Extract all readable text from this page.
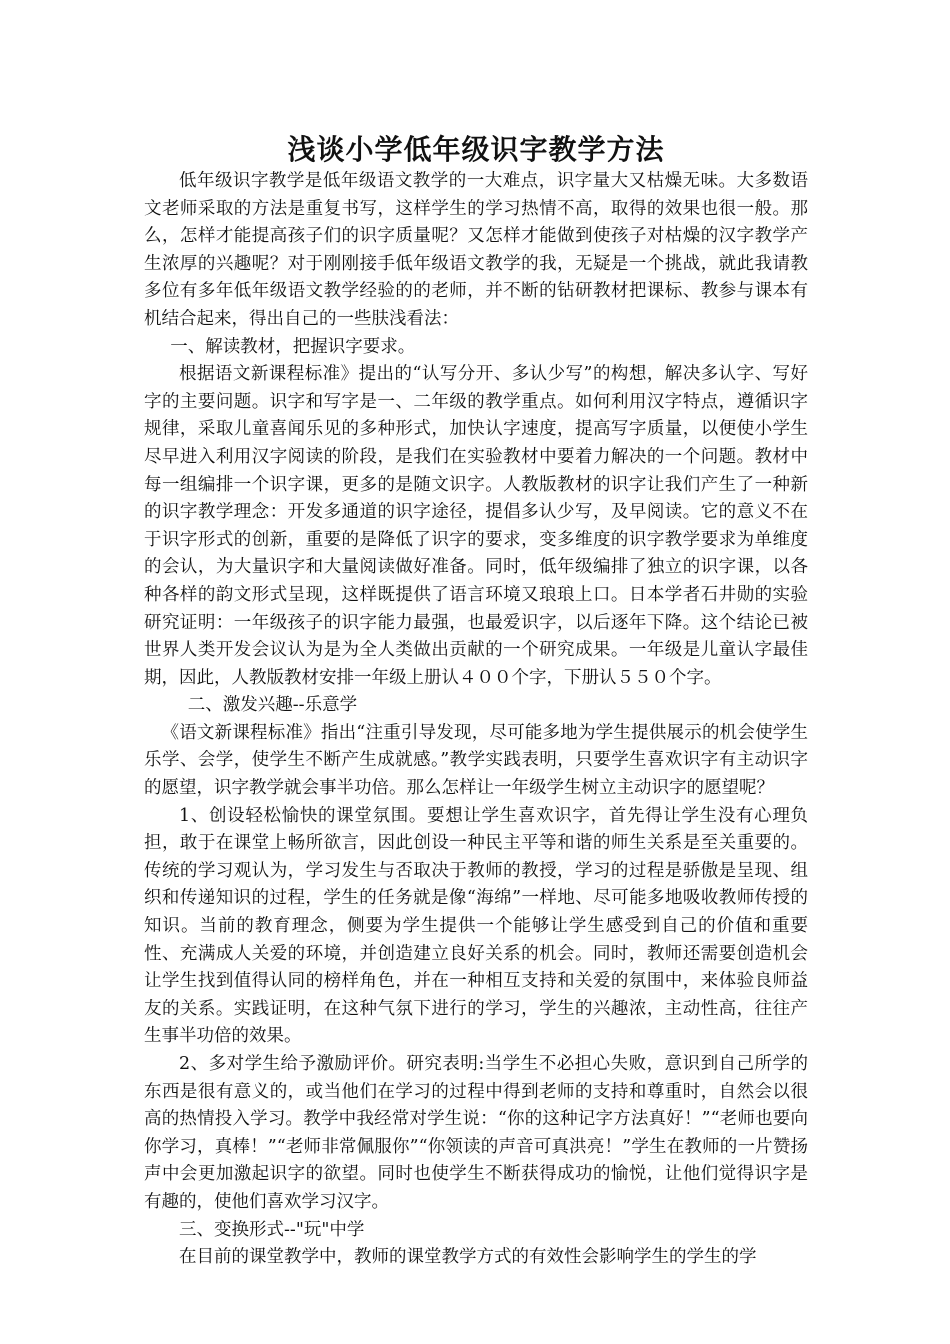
浅谈小学低年级识字教学方法

低年级识字教学是低年级语文教学的一大难点，识字量大又枯燥无味。大多数语文老师采取的方法是重复书写，这样学生的学习热情不高，取得的效果也很一般。那么，怎样才能提高孩子们的识字质量呢？又怎样才能做到使孩子对枯燥的汉字教学产生浓厚的兴趣呢？对于刚刚接手低年级语文教学的我，无疑是一个挑战，就此我请教多位有多年低年级语文教学经验的的老师，并不断的钻研教材把课标、教参与课本有机结合起来，得出自己的一些肤浅看法：

一、解读教材，把握识字要求。

根据语文新课程标准》提出的“认写分开、多认少写”的构想，解决多认字、写好字的主要问题。识字和写字是一、二年级的教学重点。如何利用汉字特点，遵循识字规律，采取儿童喜闻乐见的多种形式，加快认字速度，提高写字质量，以便使小学生尽早进入利用汉字阅读的阶段，是我们在实验教材中要着力解决的一个问题。教材中每一组编排一个识字课，更多的是随文识字。人教版教材的识字让我们产生了一种新的识字教学理念：开发多通道的识字途径，提倡多认少写，及早阅读。它的意义不在于识字形式的创新，重要的是降低了识字的要求，变多维度的识字教学要求为单维度的会认，为大量识字和大量阅读做好准备。同时，低年级编排了独立的识字课，以各种各样的韵文形式呈现，这样既提供了语言环境又琅琅上口。日本学者石井勋的实验研究证明：一年级孩子的识字能力最强，也最爱识字，以后逐年下降。这个结论已被世界人类开发会议认为是为全人类做出贡献的一个研究成果。一年级是儿童认字最佳期，因此，人教版教材安排一年级上册认４００个字，下册认５５０个字。

二、激发兴趣--乐意学

《语文新课程标准》指出“注重引导发现，尽可能多地为学生提供展示的机会使学生乐学、会学，使学生不断产生成就感。”教学实践表明，只要学生喜欢识字有主动识字的愿望，识字教学就会事半功倍。那么怎样让一年级学生树立主动识字的愿望呢？

1、创设轻松愉快的课堂氛围。要想让学生喜欢识字，首先得让学生没有心理负担，敢于在课堂上畅所欲言，因此创设一种民主平等和谐的师生关系是至关重要的。传统的学习观认为，学习发生与否取决于教师的教授，学习的过程是骄傲是呈现、组织和传递知识的过程，学生的任务就是像“海绵”一样地、尽可能多地吸收教师传授的知识。当前的教育理念，侧要为学生提供一个能够让学生感受到自己的价值和重要性、充满成人关爱的环境，并创造建立良好关系的机会。同时，教师还需要创造机会让学生找到值得认同的榜样角色，并在一种相互支持和关爱的氛围中，来体验良师益友的关系。实践证明，在这种气氛下进行的学习，学生的兴趣浓，主动性高，往往产生事半功倍的效果。

2、多对学生给予激励评价。研究表明:当学生不必担心失败，意识到自己所学的东西是很有意义的，或当他们在学习的过程中得到老师的支持和尊重时，自然会以很高的热情投入学习。教学中我经常对学生说：“你的这种记字方法真好！”“老师也要向你学习，真棒！”“老师非常佩服你”“你领读的声音可真洪亮！”学生在教师的一片赞扬声中会更加激起识字的欲望。同时也使学生不断获得成功的愉悦，让他们觉得识字是有趣的，使他们喜欢学习汉字。

三、变换形式--"玩"中学

在目前的课堂教学中，教师的课堂教学方式的有效性会影响学生的学生的学
